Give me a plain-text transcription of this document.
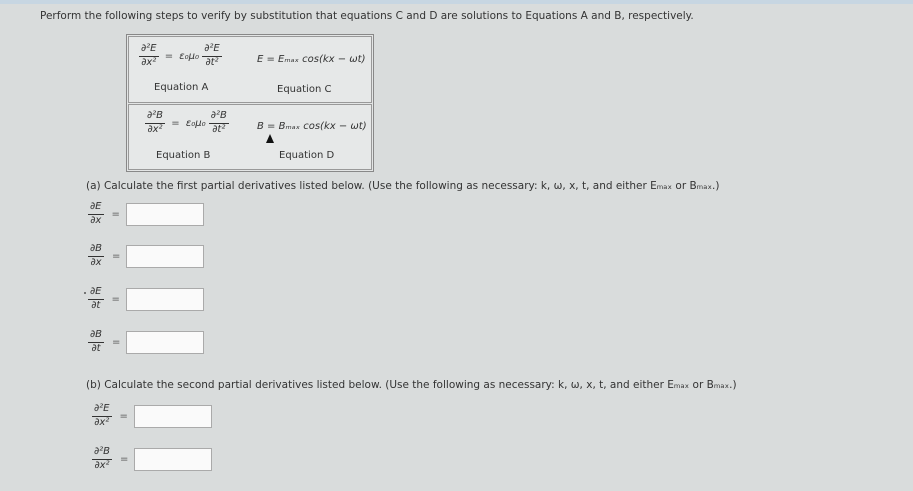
Perform the following steps to verify by substitution that equations C and D are solutions to Equations A and B, respectively.
$\frac{\text{∂²E}}{\text{∂x²}} = \varepsilon_0\mu_0 \frac{\text{∂²E}}{\text{∂t²}}$	E = Eₘₐₓ cos(kx − ωt)
Equation A	Equation C
$\frac{\text{∂²B}}{\text{∂x²}} = \varepsilon_0\mu_0 \frac{\text{∂²B}}{\text{∂t²}}$	B = Bₘₐₓ cos(kx − ωt)
Equation B	Equation D
(a) Calculate the first partial derivatives listed below. (Use the following as necessary: k, ω, x, t, and either Eₘₐₓ or Bₘₐₓ.)
$\frac{\partial E}{\partial x}$ =
$\frac{\partial B}{\partial x}$ =
$\frac{\partial E}{\partial t}$ =
$\frac{\partial B}{\partial t}$ =
(b) Calculate the second partial derivatives listed below. (Use the following as necessary: k, ω, x, t, and either Eₘₐₓ or Bₘₐₓ.)
$\frac{\text{∂²E}}{\text{∂x²}}$ =
$\frac{\text{∂²B}}{\text{∂x²}}$ =
